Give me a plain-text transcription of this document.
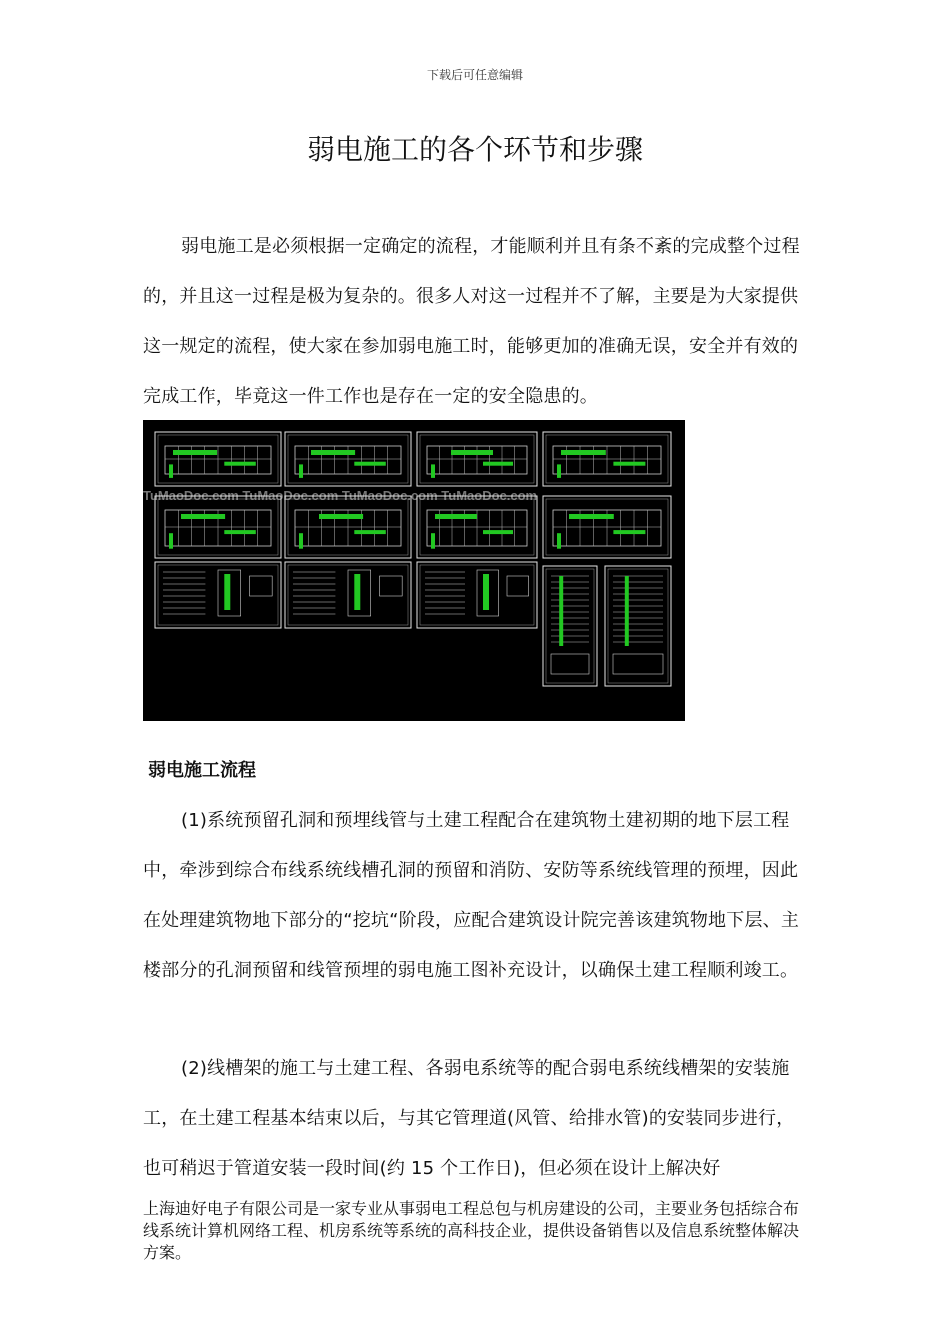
下载后可任意编辑
弱电施工的各个环节和步骤

弱电施工是必须根据一定确定的流程，才能顺利并且有条不紊的完成整个过程的，并且这一过程是极为复杂的。很多人对这一过程并不了解，主要是为大家提供这一规定的流程，使大家在参加弱电施工时，能够更加的准确无误，安全并有效的完成工作，毕竟这一件工作也是存在一定的安全隐患的。

TuMaoDoc.com TuMaoDoc.com TuMaoDoc.com TuMaoDoc.com
弱电施工流程

(1)系统预留孔洞和预埋线管与土建工程配合在建筑物土建初期的地下层工程中，牵涉到综合布线系统线槽孔洞的预留和消防、安防等系统线管理的预埋，因此在处理建筑物地下部分的“挖坑“阶段，应配合建筑设计院完善该建筑物地下层、主楼部分的孔洞预留和线管预埋的弱电施工图补充设计，以确保土建工程顺利竣工。

(2)线槽架的施工与土建工程、各弱电系统等的配合弱电系统线槽架的安装施工，在土建工程基本结束以后，与其它管理道(风管、给排水管)的安装同步进行，也可稍迟于管道安装一段时间(约 15 个工作日)，但必须在设计上解决好

上海迪好电子有限公司是一家专业从事弱电工程总包与机房建设的公司，主要业务包括综合布线系统计算机网络工程、机房系统等系统的高科技企业，提供设备销售以及信息系统整体解决方案。
